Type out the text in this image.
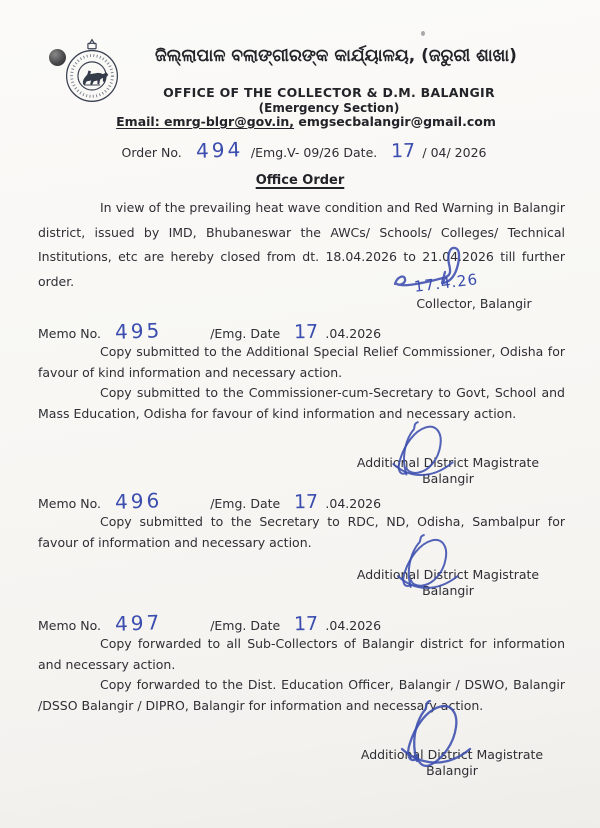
ଜିଲ୍ଲାପାଳ ବଲାଙ୍ଗୀରଙ୍କ କାର୍ଯ୍ୟାଳୟ, (ଜରୁରୀ ଶାଖା)
OFFICE OF THE COLLECTOR & D.M. BALANGIR
(Emergency Section)
Email: emrg-blgr@gov.in, emgsecbalangir@gmail.com
Order No. 494 /Emg.V- 09/26 Date. 17 / 04/ 2026
Office Order

In view of the prevailing heat wave condition and Red Warning in Balangir district, issued by IMD, Bhubaneswar the AWCs/ Schools/ Colleges/ Technical Institutions, etc are hereby closed from dt. 18.04.2026 to 21.04.2026 till further order.	17.4.26
Collector, Balangir
Memo No. 495	/Emg. Date 17 .04.2026

Copy submitted to the Additional Special Relief Commissioner, Odisha for favour of kind information and necessary action.

Copy submitted to the Commissioner-cum-Secretary to Govt, School and Mass Education, Odisha for favour of kind information and necessary action.

Additional District Magistrate
Balangir
Memo No. 496	/Emg. Date 17 .04.2026

Copy submitted to the Secretary to RDC, ND, Odisha, Sambalpur for favour of information and necessary action.

Additional District Magistrate
Balangir
Memo No. 497	/Emg. Date 17 .04.2026

Copy forwarded to all Sub-Collectors of Balangir district for information and necessary action.

Copy forwarded to the Dist. Education Officer, Balangir / DSWO, Balangir /DSSO Balangir / DIPRO, Balangir for information and necessary action.

Additional District Magistrate
Balangir
